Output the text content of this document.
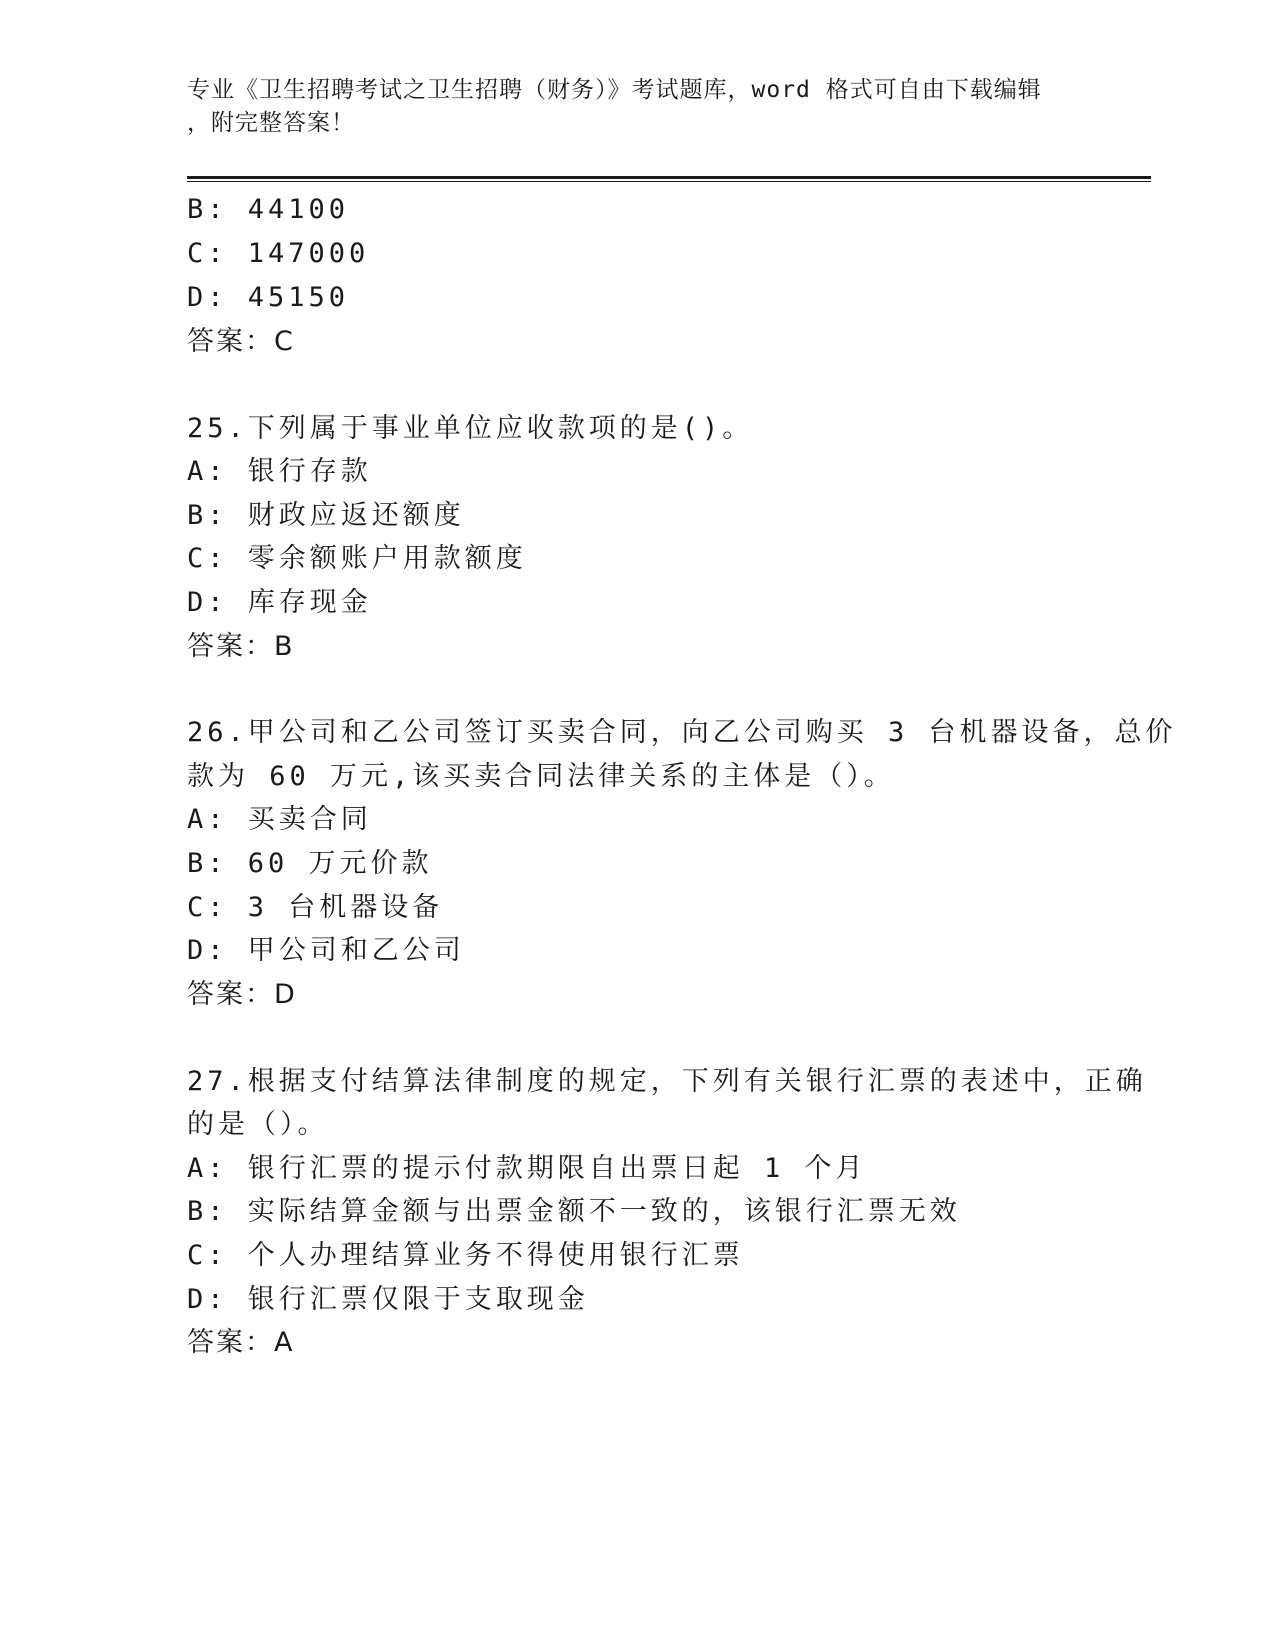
专业《卫生招聘考试之卫生招聘（财务）》考试题库，word 格式可自由下载编辑
，附完整答案！
B: 44100
C: 147000
D: 45150
答案：C
25.下列属于事业单位应收款项的是()。
A: 银行存款
B: 财政应返还额度
C: 零余额账户用款额度
D: 库存现金
答案：B
26.甲公司和乙公司签订买卖合同，向乙公司购买 3 台机器设备，总价
款为 60 万元,该买卖合同法律关系的主体是（）。
A: 买卖合同
B: 60 万元价款
C: 3 台机器设备
D: 甲公司和乙公司
答案：D
27.根据支付结算法律制度的规定，下列有关银行汇票的表述中，正确
的是（）。
A: 银行汇票的提示付款期限自出票日起 1 个月
B: 实际结算金额与出票金额不一致的，该银行汇票无效
C: 个人办理结算业务不得使用银行汇票
D: 银行汇票仅限于支取现金
答案：A
